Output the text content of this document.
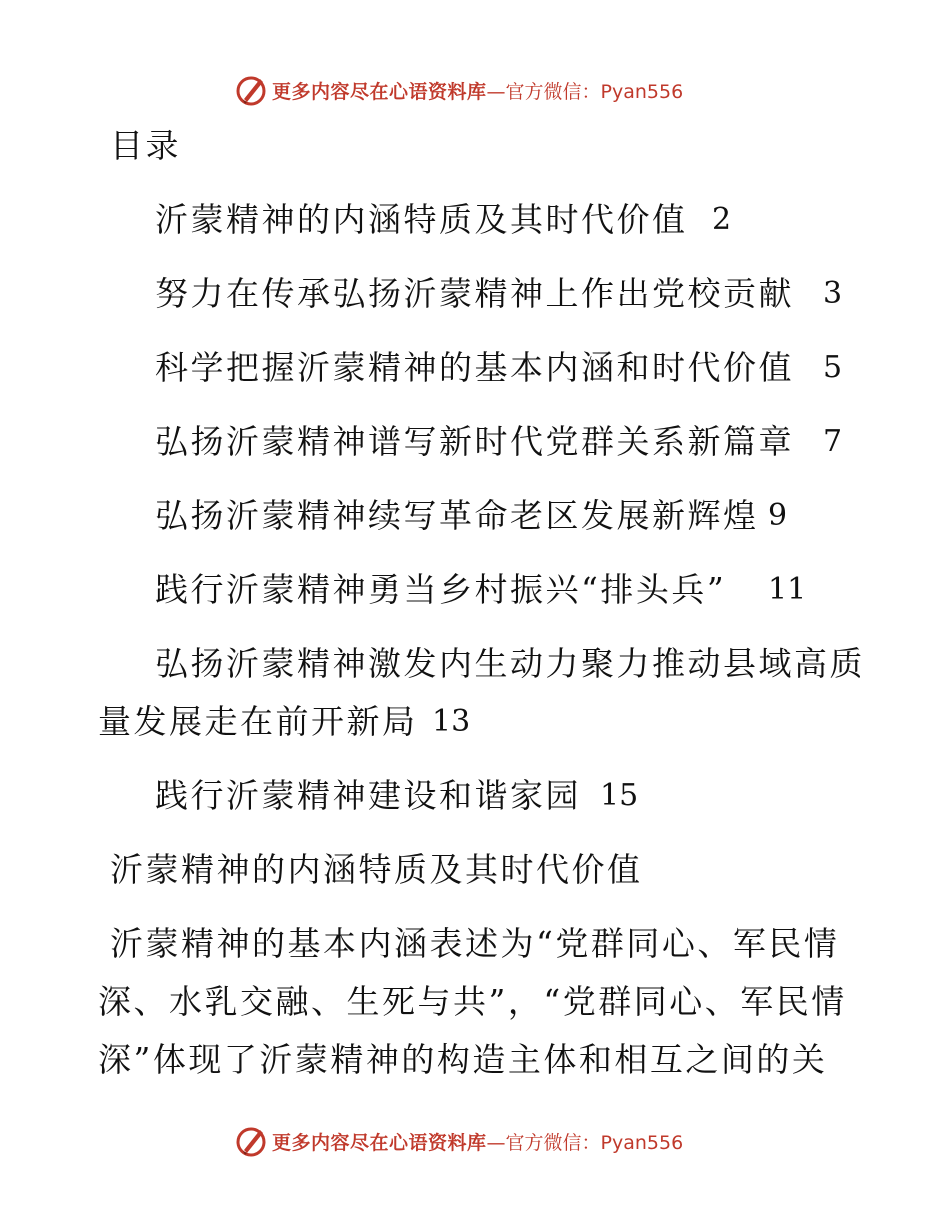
更多内容尽在心语资料库 —官方微信：Pyan556
目录
沂蒙精神的内涵特质及其时代价值 2
努力在传承弘扬沂蒙精神上作出党校贡献 3
科学把握沂蒙精神的基本内涵和时代价值 5
弘扬沂蒙精神谱写新时代党群关系新篇章 7
弘扬沂蒙精神续写革命老区发展新辉煌 9
践行沂蒙精神勇当乡村振兴“排头兵” 11
弘扬沂蒙精神激发内生动力聚力推动县域高质
量发展走在前开新局 13
践行沂蒙精神建设和谐家园 15
沂蒙精神的内涵特质及其时代价值
沂蒙精神的基本内涵表述为“党群同心、军民情
深、水乳交融、生死与共”，“党群同心、军民情
深”体现了沂蒙精神的构造主体和相互之间的关
更多内容尽在心语资料库 —官方微信：Pyan556
